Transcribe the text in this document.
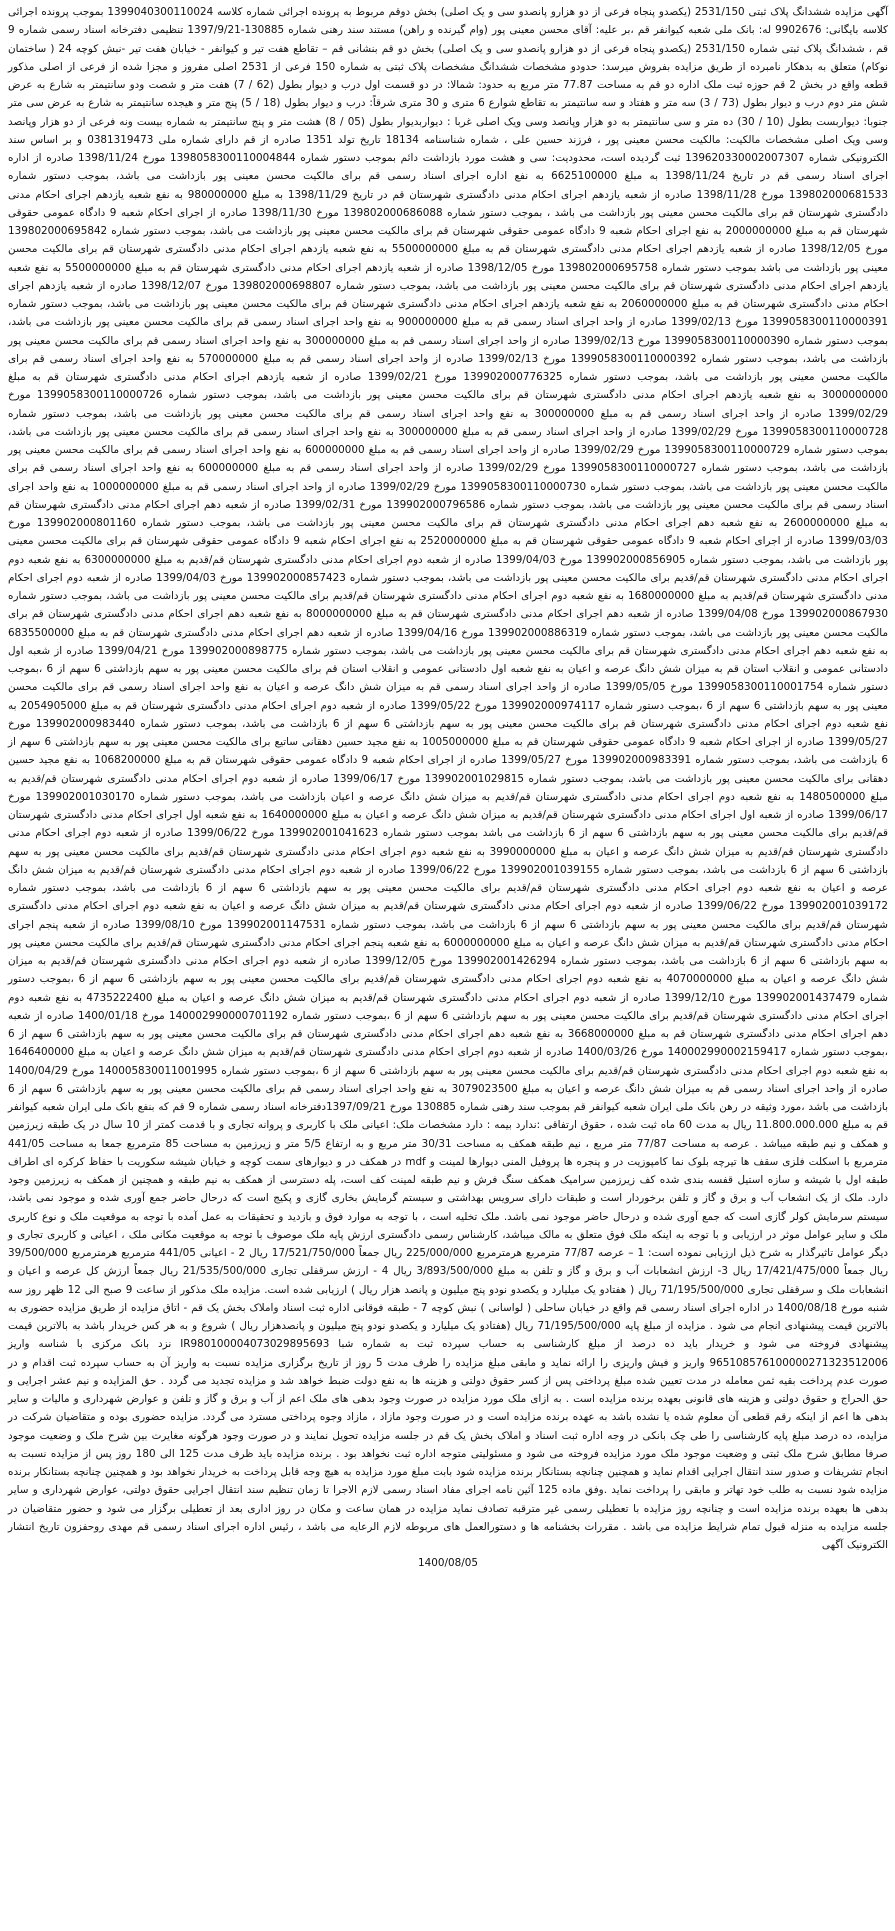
آگهی مزایده ششدانگ پلاک ثبتی 2531/150 (یکصدو پنجاه فرعی از دو هزارو پانصدو سی و یک اصلی) بخش دوقم مربوط به پرونده اجرائی شماره کلاسه 1399040300110024 بموجب پرونده اجرائی کلاسه بایگانی: 9902676 له: بانک ملی شعبه کیوانفر قم ،بر علیه: آقای محسن معینی پور (وام گیرنده و راهن) مستند سند رهنی شماره 130885-1397/9/21 تنظیمی دفترخانه اسناد رسمی شماره 9 قم ، ششدانگ پلاک ثبتی شماره 2531/150 (یکصدو پنجاه فرعی از دو هزارو پانصدو سی و یک اصلی) بخش دو قم بنشانی قم – تقاطع هفت تیر و کیوانفر - خیابان هفت تیر -نبش کوچه 24 ( ساختمان نوکام) متعلق به بدهکار نامبرده از طریق مزایده بفروش میرسد: حدودو مشخصات ششدانگ مشخصات پلاک ثبتی به شماره 150 فرعی از 2531 اصلی مفروز و مجزا شده از فرعی از اصلی مذکور قطعه واقع در بخش 2 قم حوزه ثبت ملک اداره دو قم به مساحت 77.87 متر مربع به حدود: شمالا: در دو قسمت اول درب و دیوار بطول (62 / 7) هفت متر و شصت ودو سانتیمتر به شارع به عرض شش متر دوم درب و دیوار بطول (73 / 3) سه متر و هفتاد و سه سانتیمتر به تقاطع شوارع 6 متری و 30 متری شرقاً: درب و دیوار بطول (18 / 5) پنج متر و هیجده سانتیمتر به شارع به عرض سی متر جنوبا: دیواربست بطول (10 / 30) ده متر و سی سانتیمتر به دو هزار وپانصد وسی ویک اصلی غربا : دیواربدیوار بطول (05 / 8) هشت متر و پنج سانتیمتر به شماره بیست ونه فرعی از دو هزار وپانصد وسی ویک اصلی مشخصات مالکیت: مالکیت محسن معینی پور ، فرزند حسین علی ، شماره شناسنامه 18134 تاریخ تولد 1351 صادره از قم دارای شماره ملی 0381319473 و بر اساس سند الکترونیکی شماره 139620330002007307 ثبت گردیده است، محدودیت: سی و هشت مورد بازداشت دائم بموجب دستور شماره 1398058300110004844 مورخ 1398/11/24 صادره از اداره اجرای اسناد رسمی قم در تاریخ 1398/11/24 به مبلغ 6625100000 به نفع اداره اجرای اسناد رسمی قم برای مالکیت محسن معینی پور بازداشت می باشد، بموجب دستور شماره 139802000681533 مورخ 1398/11/28 صادره از شعبه یازدهم اجرای احکام مدنی دادگستری شهرستان قم در تاریخ 1398/11/29 به مبلغ 980000000 به نفع شعبه یازدهم اجرای احکام مدنی دادگستری شهرستان قم برای مالکیت محسن معینی پور بازداشت می باشد ، بموجب دستور شماره 139802000686088 مورخ 1398/11/30 صادره از اجرای احکام شعبه 9 دادگاه عمومی حقوقی شهرستان قم به مبلغ 2000000000 به نفع اجرای احکام شعبه 9 دادگاه عمومی حقوقی شهرستان قم برای مالکیت محسن معینی پور بازداشت می باشد، بموجب دستور شماره 139802000695842 مورخ 1398/12/05 صادره از شعبه یازدهم اجرای احکام مدنی دادگستری شهرستان قم به مبلغ 5500000000 به نفع شعبه یازدهم اجرای احکام مدنی دادگستری شهرستان قم برای مالکیت محسن معینی پور بازداشت می باشد بموجب دستور شماره 139802000695758 مورخ 1398/12/05 صادره از شعبه یازدهم اجرای احکام مدنی دادگستری شهرستان قم به مبلغ 5500000000 به نفع شعبه یازدهم اجرای احکام مدنی دادگستری شهرستان قم برای مالکیت محسن معینی پور بازداشت می باشد، بموجب دستور شماره 139802000698807 مورخ 1398/12/07 صادره از شعبه یازدهم اجرای احکام مدنی دادگستری شهرستان قم به مبلغ 2060000000 به نفع شعبه یازدهم اجرای احکام مدنی دادگستری شهرستان قم برای مالکیت محسن معینی پور بازداشت می باشد، بموجب دستور شماره 1399058300110000391 مورخ 1399/02/13 صادره از واحد اجرای اسناد رسمی قم به مبلغ 900000000 به نفع واحد اجرای اسناد رسمی قم برای مالکیت محسن معینی پور بازداشت می باشد، بموجب دستور شماره 1399058300110000390 مورخ 1399/02/13 صادره از واحد اجرای اسناد رسمی قم به مبلغ 300000000 به نفع واحد اجرای اسناد رسمی قم برای مالکیت محسن معینی پور بازداشت می باشد، بموجب دستور شماره 1399058300110000392 مورخ 1399/02/13 صادره از واحد اجرای اسناد رسمی قم به مبلغ 570000000 به نفع واحد اجرای اسناد رسمی قم برای مالکیت محسن معینی پور بازداشت می باشد، بموجب دستور شماره 139902000776325 مورخ 1399/02/21 صادره از شعبه یازدهم اجرای احکام مدنی دادگستری شهرستان قم به مبلغ 3000000000 به نفع شعبه یازدهم اجرای احکام مدنی دادگستری شهرستان قم برای مالکیت محسن معینی پور بازداشت می باشد، بموجب دستور شماره 1399058300110000726 مورخ 1399/02/29 صادره از واحد اجرای اسناد رسمی قم به مبلغ 300000000 به نفع واحد اجرای اسناد رسمی قم برای مالکیت محسن معینی پور بازداشت می باشد، بموجب دستور شماره 1399058300110000728 مورخ 1399/02/29 صادره از واحد اجرای اسناد رسمی قم به مبلغ 300000000 به نفع واحد اجرای اسناد رسمی قم برای مالکیت محسن معینی پور بازداشت می باشد، بموجب دستور شماره 1399058300110000729 مورخ 1399/02/29 صادره از واحد اجرای اسناد رسمی قم به مبلغ 600000000 به نفع واحد اجرای اسناد رسمی قم برای مالکیت محسن معینی پور بازداشت می باشد، بموجب دستور شماره 1399058300110000727 مورخ 1399/02/29 صادره از واحد اجرای اسناد رسمی قم به مبلغ 600000000 به نفع واحد اجرای اسناد رسمی قم برای مالکیت محسن معینی پور بازداشت می باشد، بموجب دستور شماره 1399058300110000730 مورخ 1399/02/29 صادره از واحد اجرای اسناد رسمی قم به مبلغ 1000000000 به نفع واحد اجرای اسناد رسمی قم برای مالکیت محسن معینی پور بازداشت می باشد، بموجب دستور شماره 139902000796586 مورخ 1399/02/31 صادره از شعبه دهم اجرای احکام مدنی دادگستری شهرستان قم به مبلغ 2600000000 به نفع شعبه دهم اجرای احکام مدنی دادگستری شهرستان قم برای مالکیت محسن معینی پور بازداشت می باشد، بموجب دستور شماره 139902000801160 مورخ 1399/03/03 صادره از اجرای احکام شعبه 9 دادگاه عمومی حقوقی شهرستان قم به مبلغ 2520000000 به نفع اجرای احکام شعبه 9 دادگاه عمومی حقوقی شهرستان قم برای مالکیت محسن معینی پور بازداشت می باشد، بموجب دستور شماره 139902000856905 مورخ 1399/04/03 صادره از شعبه دوم اجرای احکام مدنی دادگستری شهرستان قم/قدیم به مبلغ 6300000000 به نفع شعبه دوم اجرای احکام مدنی دادگستری شهرستان قم/قدیم برای مالکیت محسن معینی پور بازداشت می باشد، بموجب دستور شماره 139902000857423 مورخ 1399/04/03 صادره از شعبه دوم اجرای احکام مدنی دادگستری شهرستان قم/قدیم به مبلغ 1680000000 به نفع شعبه دوم اجرای احکام مدنی دادگستری شهرستان قم/قدیم برای مالکیت محسن معینی پور بازداشت می باشد، بموجب دستور شماره 139902000867930 مورخ 1399/04/08 صادره از شعبه دهم اجرای احکام مدنی دادگستری شهرستان قم به مبلغ 8000000000 به نفع شعبه دهم اجرای احکام مدنی دادگستری شهرستان قم برای مالکیت محسن معینی پور بازداشت می باشد، بموجب دستور شماره 139902000886319 مورخ 1399/04/16 صادره از شعبه دهم اجرای احکام مدنی دادگستری شهرستان قم به مبلغ 6835500000 به نفع شعبه دهم اجرای احکام مدنی دادگستری شهرستان قم برای مالکیت محسن معینی پور بازداشت می باشد، بموجب دستور شماره 139902000898775 مورخ 1399/04/21 صادره از شعبه اول دادستانی عمومی و انقلاب استان قم به میزان شش دانگ عرصه و اعیان به نفع شعبه اول دادستانی عمومی و انقلاب استان قم برای مالکیت محسن معینی پور به سهم بازداشتی 6 سهم از 6 ،بموجب دستور شماره 1399058300110001754 مورخ 1399/05/05 صادره از واحد اجرای اسناد رسمی قم به میزان شش دانگ عرصه و اعیان به نفع واحد اجرای اسناد رسمی قم برای مالکیت محسن معینی پور به سهم بازداشتی 6 سهم از 6 ،بموجب دستور شماره 139902000974117 مورخ 1399/05/22 صادره از شعبه دوم اجرای احکام مدنی دادگستری شهرستان قم به مبلغ 2054905000 به نفع شعبه دوم اجرای احکام مدنی دادگستری شهرستان قم برای مالکیت محسن معینی پور به سهم بازداشتی 6 سهم از 6 بازداشت می باشد، بموجب دستور شماره 139902000983440 مورخ 1399/05/27 صادره از اجرای احکام شعبه 9 دادگاه عمومی حقوقی شهرستان قم به مبلغ 1005000000 به نفع مجید حسین دهقانی ساتیع برای مالکیت محسن معینی پور به سهم بازداشتی 6 سهم از 6 بازداشت می باشد، بموجب دستور شماره 139902000983391 مورخ 1399/05/27 صادره از اجرای احکام شعبه 9 دادگاه عمومی حقوقی شهرستان قم به مبلغ 1068200000 به نفع مجید حسین دهقانی برای مالکیت محسن معینی پور بازداشت می باشد، بموجب دستور شماره 139902001029815 مورخ 1399/06/17 صادره از شعبه دوم اجرای احکام مدنی دادگستری شهرستان قم/قدیم به مبلغ 1480500000 به نفع شعبه دوم اجرای احکام مدنی دادگستری شهرستان قم/قدیم به میزان شش دانگ عرصه و اعیان بازداشت می باشد، بموجب دستور شماره 139902001030170 مورخ 1399/06/17 صادره از شعبه اول اجرای احکام مدنی دادگستری شهرستان قم/قدیم به میزان شش دانگ عرصه و اعیان به مبلغ 1640000000 به نفع شعبه اول اجرای احکام مدنی دادگستری شهرستان قم/قدیم برای مالکیت محسن معینی پور به سهم بازداشتی 6 سهم از 6 بازداشت می باشد بموجب دستور شماره 139902001041623 مورخ 1399/06/22 صادره از شعبه دوم اجرای احکام مدنی دادگستری شهرستان قم/قدیم به میزان شش دانگ عرصه و اعیان به مبلغ 3990000000 به نفع شعبه دوم اجرای احکام مدنی دادگستری شهرستان قم/قدیم برای مالکیت محسن معینی پور به سهم بازداشتی 6 سهم از 6 بازداشت می باشد، بموجب دستور شماره 139902001039155 مورخ 1399/06/22 صادره از شعبه دوم اجرای احکام مدنی دادگستری شهرستان قم/قدیم به میزان شش دانگ عرصه و اعیان به نفع شعبه دوم اجرای احکام مدنی دادگستری شهرستان قم/قدیم برای مالکیت محسن معینی پور به سهم بازداشتی 6 سهم از 6 بازداشت می باشد، بموجب دستور شماره 139902001039172 مورخ 1399/06/22 صادره از شعبه دوم اجرای احکام مدنی دادگستری شهرستان قم/قدیم به میزان شش دانگ عرصه و اعیان به نفع شعبه دوم اجرای احکام مدنی دادگستری شهرستان قم/قدیم برای مالکیت محسن معینی پور به سهم بازداشتی 6 سهم از 6 بازداشت می باشد، بموجب دستور شماره 139902001147531 مورخ 1399/08/10 صادره از شعبه پنجم اجرای احکام مدنی دادگستری شهرستان قم/قدیم به میزان شش دانگ عرصه و اعیان به مبلغ 6000000000 به نفع شعبه پنجم اجرای احکام مدنی دادگستری شهرستان قم/قدیم برای مالکیت محسن معینی پور به سهم بازداشتی 6 سهم از 6 بازداشت می باشد، بموجب دستور شماره 139902001426294 مورخ 1399/12/05 صادره از شعبه دوم اجرای احکام مدنی دادگستری شهرستان قم/قدیم به میزان شش دانگ عرصه و اعیان به مبلغ 4070000000 به نفع شعبه دوم اجرای احکام مدنی دادگستری شهرستان قم/قدیم برای مالکیت محسن معینی پور به سهم بازداشتی 6 سهم از 6 ،بموجب دستور شماره 139902001437479 مورخ 1399/12/10 صادره از شعبه دوم اجرای احکام مدنی دادگستری شهرستان قم/قدیم به میزان شش دانگ عرصه و اعیان به مبلغ 4735222400 به نفع شعبه دوم اجرای احکام مدنی دادگستری شهرستان قم/قدیم برای مالکیت محسن معینی پور به سهم بازداشتی 6 سهم از 6 ،بموجب دستور شماره 140002990000701192 مورخ 1400/01/18 صادره از شعبه دهم اجرای احکام مدنی دادگستری شهرستان قم به مبلغ 3668000000 به نفع شعبه دهم اجرای احکام مدنی دادگستری شهرستان قم برای مالکیت محسن معینی پور به سهم بازداشتی 6 سهم از 6 ،بموجب دستور شماره 140002990002159417 مورخ 1400/03/26 صادره از شعبه دوم اجرای احکام مدنی دادگستری شهرستان قم/قدیم به میزان شش دانگ عرصه و اعیان به مبلغ 1646400000 به نفع شعبه دوم اجرای احکام مدنی دادگستری شهرستان قم/قدیم برای مالکیت محسن معینی پور به سهم بازداشتی 6 سهم از 6 ،بموجب دستور شماره 140005830011001995 مورخ 1400/04/29 صادره از واحد اجرای اسناد رسمی قم به میزان شش دانگ عرصه و اعیان به مبلغ 3079023500 به نفع واحد اجرای اسناد رسمی قم برای مالکیت محسن معینی پور به سهم بازداشتی 6 سهم از 6 بازداشت می باشد ،مورد وثیقه در رهن بانک ملی ایران شعبه کیوانفر قم بموجب سند رهنی شماره 130885 مورخ 1397/09/21دفترخانه اسناد رسمی شماره 9 قم که بنفع بانک ملی ایران شعبه کیوانفر قم به مبلغ 11.800.000.000 ریال به مدت 60 ماه ثبت شده ، حقوق ارتفاقی :ندارد بیمه : دارد مشخصات ملک: اعیانی ملک با کاربری و پروانه تجاری و با قدمت کمتر از 10 سال در یک طبقه زیرزمین و همکف و نیم طبقه میباشد . عرصه به مساحت 77/87 متر مربع ، نیم طبقه همکف به مساحت 30/31 متر مربع و به ارتفاع 5/5 متر و زیرزمین به مساحت 85 مترمربع جمعا به مساحت 441/05 مترمربع با اسکلت فلزی سقف ها تیرچه بلوک نما کامپوزیت در و پنجره ها پروفیل المنی دیوارها لمینت و mdf در همکف در و دیوارهای سمت کوچه و خیابان شیشه سکوریت با حفاظ کرکره ای اطراف طبقه اول با شیشه و سازه استیل قفسه بندی شده کف زیرزمین سرامیک همکف سنگ فرش و نیم طبقه لمینت کف است، پله دسترسی از همکف به نیم طبقه و همچنین از همکف به زیرزمین وجود دارد. ملک از یک انشعاب آب و برق و گاز و تلفن برخوردار است و طبقات دارای سرویس بهداشتی و سیستم گرمایش بخاری گازی و پکیج است که درحال حاضر جمع آوری شده و موجود نمی باشد، سیستم سرمایش کولر گازی است که جمع آوری شده و درحال حاضر موجود نمی باشد. ملک تخلیه است ، با توجه به موارد فوق و بازدید و تحقیقات به عمل آمده با توجه به موقعیت ملک و نوع کاربری ملک و سایر عوامل موثر در ارزیابی و با توجه به اینکه ملک فوق متعلق به مالک میباشد، کارشناس رسمی دادگستری ارزش پایه ملک موصوف با توجه به موقعیت مکانی ملک ، اعیانی و کاربری تجاری و دیگر عوامل تاثیرگذار به شرح ذیل ارزیابی نموده است: 1 – عرصه 77/87 مترمربع هرمترمربع 225/000/000 ریال جمعاً 17/521/750/000 ریال 2 - اعیانی 441/05 مترمربع هرمترمربع 39/500/000 ریال جمعاً 17/421/475/000 ریال 3- ارزش انشعابات آب و برق و گاز و تلفن به مبلغ 3/893/500/000 ریال 4 - ارزش سرقفلی تجاری 21/535/500/000 ریال جمعاً ارزش کل عرصه و اعیان و انشعابات ملک و سرقفلی تجاری 71/195/500/000 ریال ( هفتادو یک میلیارد و یکصدو نودو پنج میلیون و پانصد هزار ریال ) ارزیابی شده است. مزایده ملک مذکور از ساعت 9 صبح الی 12 ظهر روز سه شنبه مورخ 1400/08/18 در اداره اجرای اسناد رسمی قم واقع در خیابان ساحلی ( لواسانی ) نبش کوچه 7 - طبقه فوقانی اداره ثبت اسناد واملاک بخش یک قم - اتاق مزایده از طریق مزایده حضوری به بالاترین قیمت پیشنهادی انجام می شود . مزایده از مبلغ پایه 71/195/500/000 ریال (هفتادو یک میلیارد و یکصدو نودو پنج میلیون و پانصدهزار ریال ) شروع و به هر کس خریدار باشد به بالاترین قیمت پیشنهادی فروخته می شود و خریدار باید ده درصد از مبلغ کارشناسی به حساب سپرده ثبت به شماره شبا IR980100004073029895693 نزد بانک مرکزی با شناسه واریز 965108576100000271323512006 واریز و فیش واریزی را ارائه نماید و مابقی مبلغ مزایده را ظرف مدت 5 روز از تاریخ برگزاری مزایده نسبت به واریز آن به حساب سپرده ثبت اقدام و در صورت عدم پرداخت بقیه ثمن معامله در مدت تعیین شده مبلغ پرداختی پس از کسر حقوق دولتی و هزینه ها به نفع دولت ضبط خواهد شد و مزایده تجدید می گردد . حق المزایده و نیم عشر اجرایی و حق الحراج و حقوق دولتی و هزینه های قانونی بعهده برنده مزایده است . به ازای ملک مورد مزایده در صورت وجود بدهی های ملک اعم از آب و برق و گاز و تلفن و عوارض شهرداری و مالیات و سایر بدهی ها اعم از اینکه رقم قطعی آن معلوم شده یا نشده باشد به عهده برنده مزایده است و در صورت وجود مازاد ، مازاد وجوه پرداختی مسترد می گردد. مزایده حضوری بوده و متقاضیان شرکت در مزایده، ده درصد مبلغ پایه کارشناسی را طی چک بانکی در وجه اداره ثبت اسناد و املاک بخش یک قم در جلسه مزایده تحویل نمایند و در صورت وجود هرگونه مغایرت بین شرح ملک و وضعیت موجود صرفا مطابق شرح ملک ثبتی و وضعیت موجود ملک مورد مزایده فروخته می شود و مسئولیتی متوجه اداره ثبت نخواهد بود . برنده مزایده باید ظرف مدت 125 الی 180 روز پس از مزایده نسبت به انجام تشریفات و صدور سند انتقال اجرایی اقدام نماید و همچنین چنانچه بستانکار برنده مزایده شود بابت مبلغ مورد مزایده به هیچ وجه قابل پرداخت به خریدار نخواهد بود و همچنین چنانچه بستانکار برنده مزایده شود نسبت به طلب خود تهاتر و مابقی را پرداخت نماید .وفق ماده 125 آئین نامه اجرای مفاد اسناد رسمی لازم الاجرا تا زمان تنظیم سند انتقال اجرایی حقوق دولتی، عوارض شهرداری و سایر بدهی ها بعهده برنده مزایده است و چنانچه روز مزایده با تعطیلی رسمی غیر مترقبه تصادف نماید مزایده در همان ساعت و مکان در روز اداری بعد از تعطیلی برگزار می شود و حضور متقاضیان در جلسه مزایده به منزله قبول تمام شرایط مزایده می باشد . مقررات بخشنامه ها و دستورالعمل های مربوطه لازم الرعایه می باشد ، رئیس اداره اجرای اسناد رسمی قم مهدی روحفزون تاریخ انتشار الکترونیک آگهی

1400/08/05
